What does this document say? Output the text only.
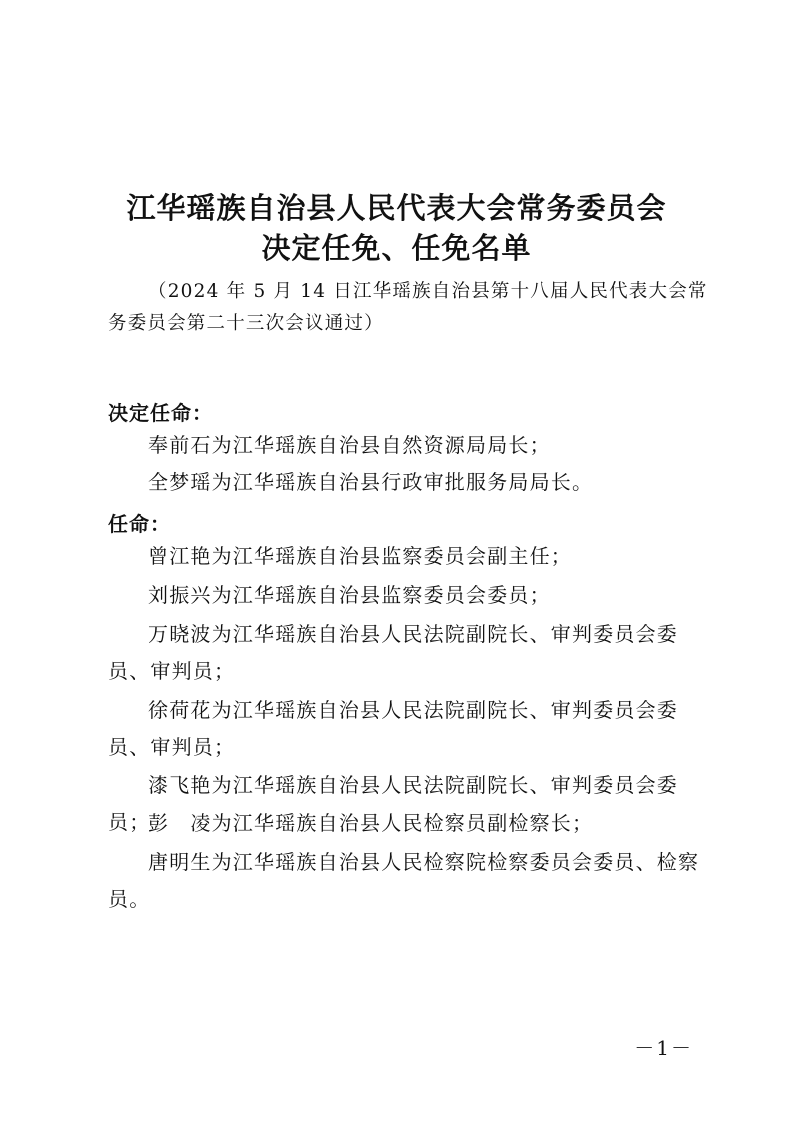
江华瑶族自治县人民代表大会常务委员会
决定任免、任免名单
（2024 年 5 月 14 日江华瑶族自治县第十八届人民代表大会常务委员会第二十三次会议通过）
决定任命：
奉前石为江华瑶族自治县自然资源局局长；
全梦瑶为江华瑶族自治县行政审批服务局局长。
任命：
曾江艳为江华瑶族自治县监察委员会副主任；
刘振兴为江华瑶族自治县监察委员会委员；
万晓波为江华瑶族自治县人民法院副院长、审判委员会委员、审判员；
徐荷花为江华瑶族自治县人民法院副院长、审判委员会委员、审判员；
漆飞艳为江华瑶族自治县人民法院副院长、审判委员会委员；
彭　凌为江华瑶族自治县人民检察员副检察长；
唐明生为江华瑶族自治县人民检察院检察委员会委员、检察员。
－1－
